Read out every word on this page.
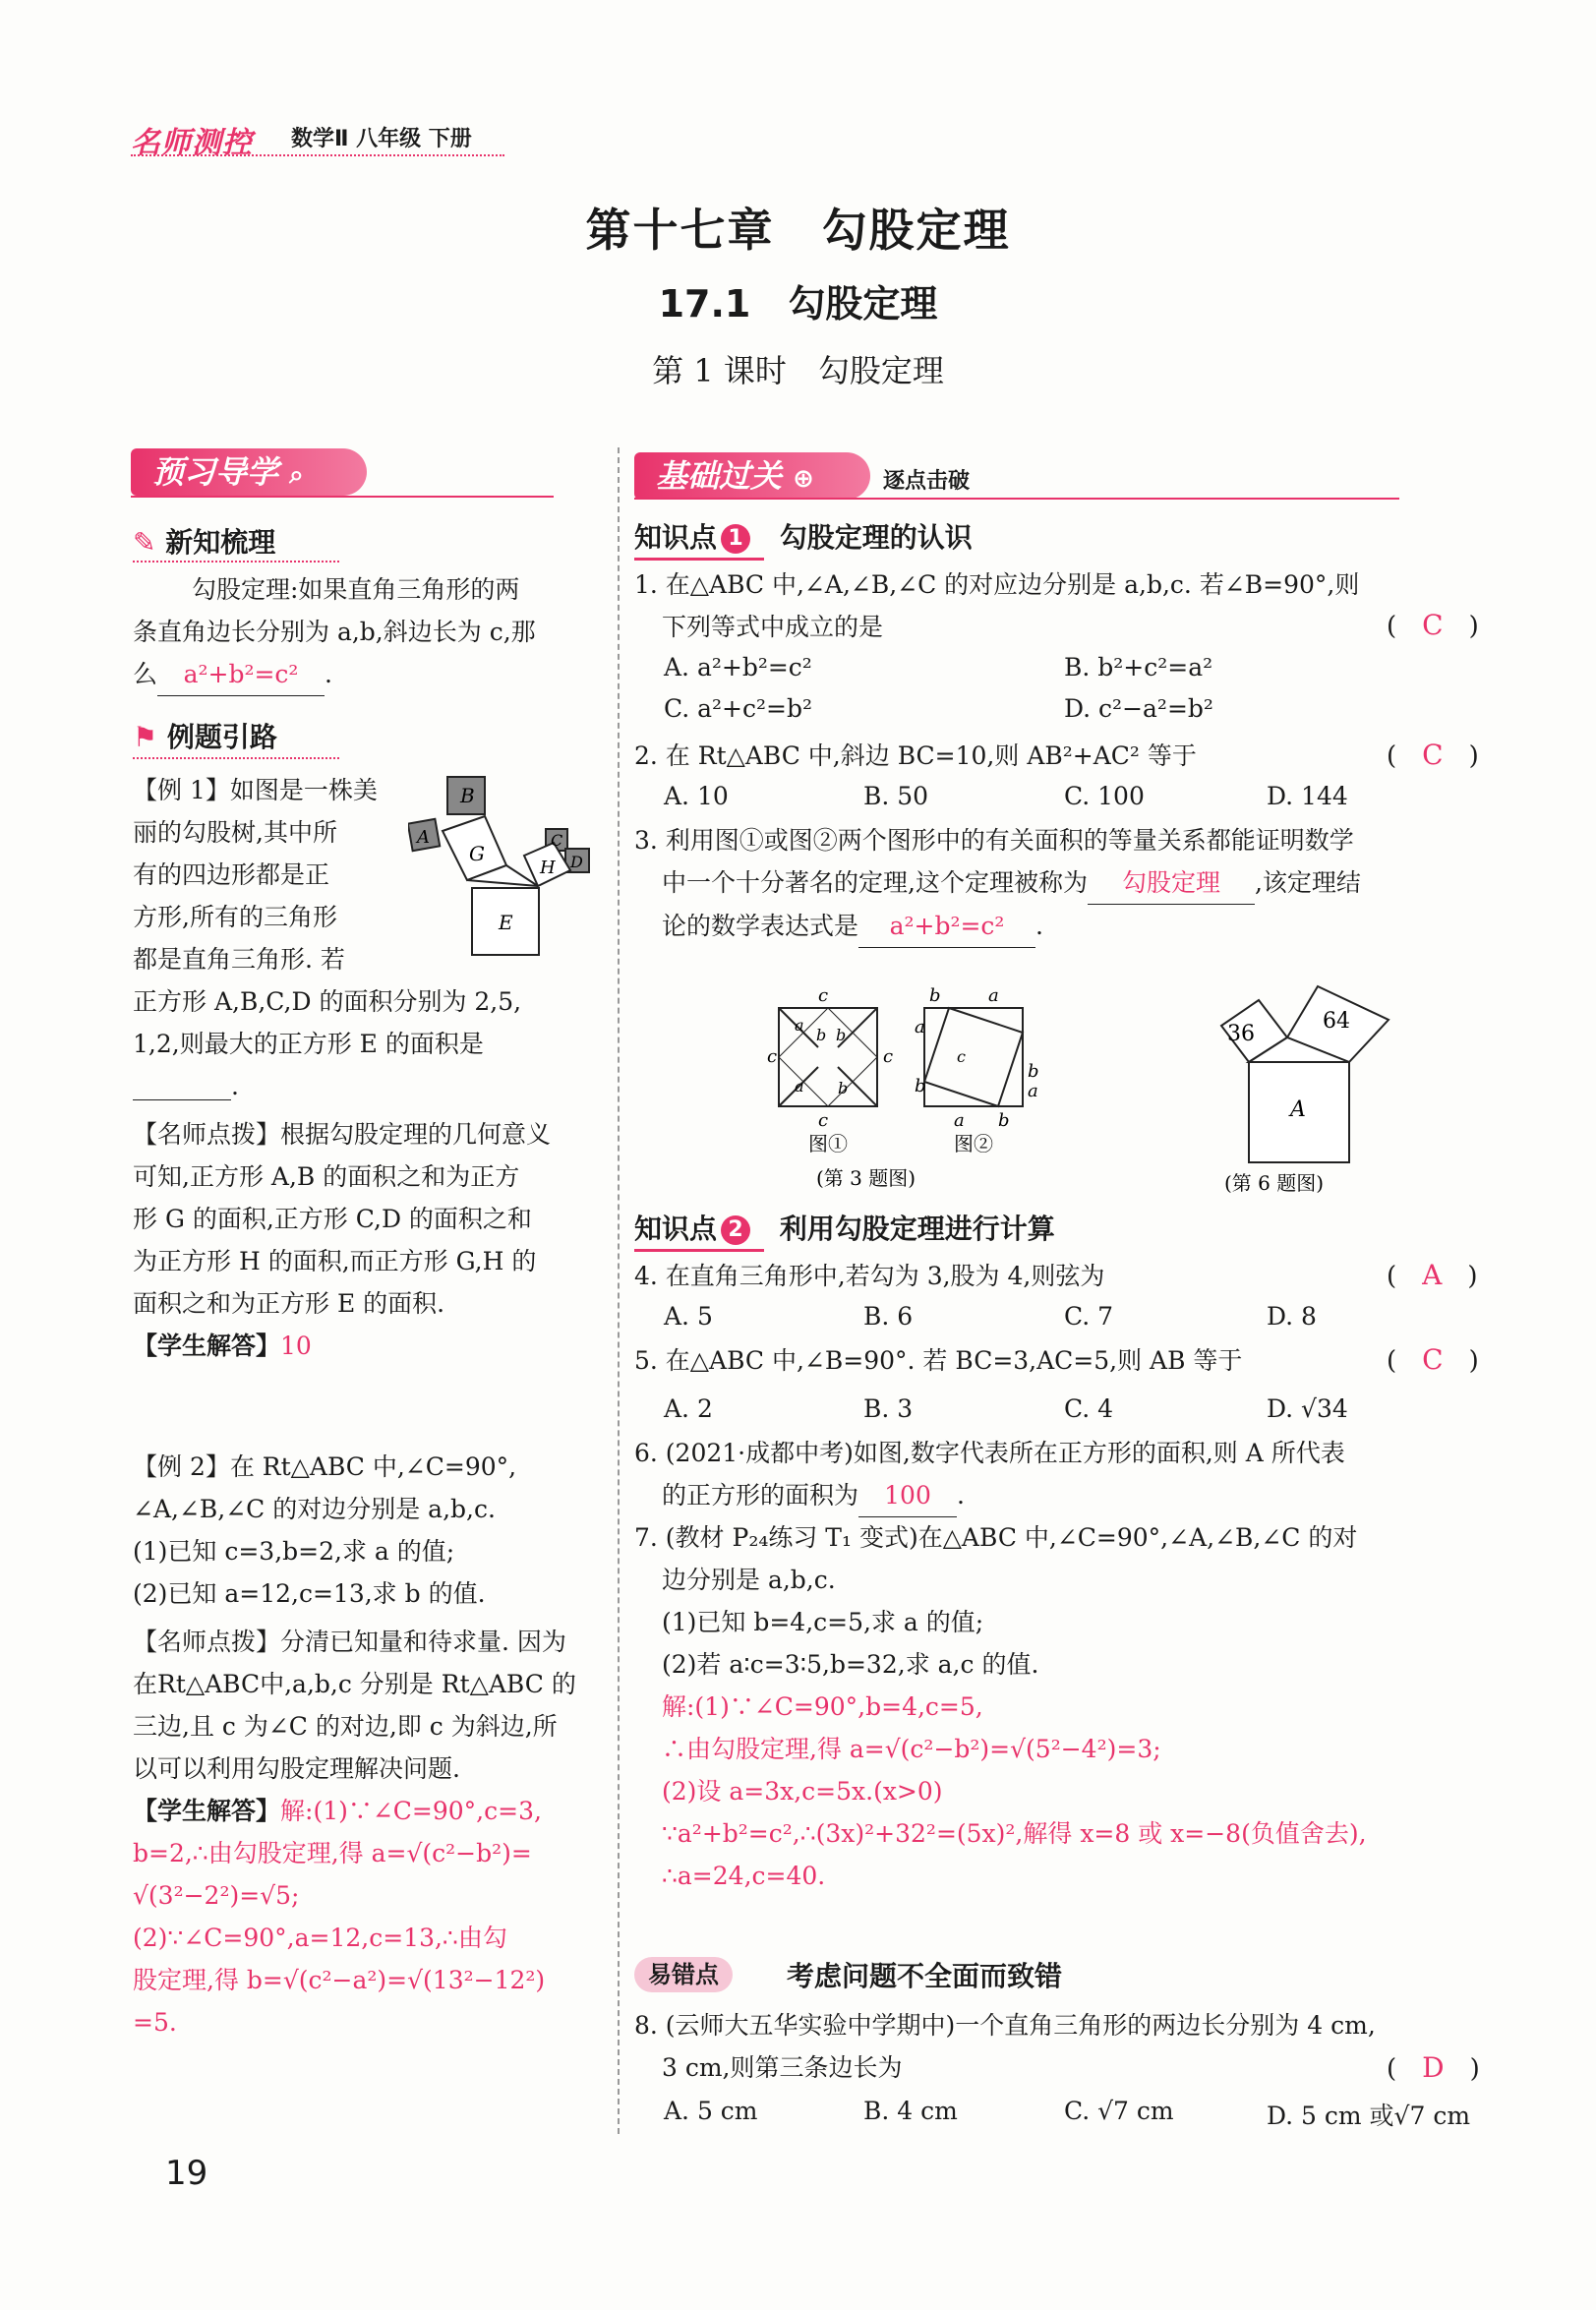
名师测控 数学Ⅱ 八年级 下册
第十七章　勾股定理
17.1　勾股定理
第 1 课时　勾股定理
预习导学 ⌕
✎ 新知梳理
勾股定理:如果直角三角形的两
条直角边长分别为 a,b,斜边长为 c,那
么 a²+b²=c² .
⚑ 例题引路
【例 1】如图是一株美
丽的勾股树,其中所
有的四边形都是正
方形,所有的三角形
都是直角三角形. 若
正方形 A,B,C,D 的面积分别为 2,5,
1,2,则最大的正方形 E 的面积是
________.
【名师点拨】根据勾股定理的几何意义
可知,正方形 A,B 的面积之和为正方
形 G 的面积,正方形 C,D 的面积之和
为正方形 H 的面积,而正方形 G,H 的
面积之和为正方形 E 的面积.
【学生解答】10
B
A
G
C
D
H
E
【例 2】在 Rt△ABC 中,∠C=90°,
∠A,∠B,∠C 的对边分别是 a,b,c.
(1)已知 c=3,b=2,求 a 的值;
(2)已知 a=12,c=13,求 b 的值.
【名师点拨】分清已知量和待求量. 因为
在Rt△ABC中,a,b,c 分别是 Rt△ABC 的
三边,且 c 为∠C 的对边,即 c 为斜边,所
以可以利用勾股定理解决问题.
【学生解答】解:(1)∵∠C=90°,c=3,
b=2,∴由勾股定理,得 a=√(c²−b²)=
√(3²−2²)=√5;
(2)∵∠C=90°,a=12,c=13,∴由勾
股定理,得 b=√(c²−a²)=√(13²−12²)
=5.
基础过关 ⊕	逐点击破
知识点 1 勾股定理的认识
1. 在△ABC 中,∠A,∠B,∠C 的对应边分别是 a,b,c. 若∠B=90°,则
下列等式中成立的是	(　C　)
A. a²+b²=c²	B. b²+c²=a²
C. a²+c²=b²	D. c²−a²=b²
2. 在 Rt△ABC 中,斜边 BC=10,则 AB²+AC² 等于	(　C　)
A. 10	B. 50	C. 100	D. 144
3. 利用图①或图②两个图形中的有关面积的等量关系都能证明数学
中一个十分著名的定理,这个定理被称为 勾股定理 ,该定理结
论的数学表达式是 a²+b²=c² .
c
c	c
c
a
b b
a b
b	a
a
b
b	a
a b
c
图①	图②
(第 3 题图)
36
64
A
(第 6 题图)
知识点 2 利用勾股定理进行计算
4. 在直角三角形中,若勾为 3,股为 4,则弦为	(　A　)
A. 5	B. 6	C. 7	D. 8
5. 在△ABC 中,∠B=90°. 若 BC=3,AC=5,则 AB 等于	(　C　)
A. 2	B. 3	C. 4	D. √34
6. (2021·成都中考)如图,数字代表所在正方形的面积,则 A 所代表
的正方形的面积为 100 .
7. (教材 P₂₄练习 T₁ 变式)在△ABC 中,∠C=90°,∠A,∠B,∠C 的对
边分别是 a,b,c.
(1)已知 b=4,c=5,求 a 的值;
(2)若 a∶c=3∶5,b=32,求 a,c 的值.
解:(1)∵∠C=90°,b=4,c=5,
∴由勾股定理,得 a=√(c²−b²)=√(5²−4²)=3;
(2)设 a=3x,c=5x.(x>0)
∵a²+b²=c²,∴(3x)²+32²=(5x)²,解得 x=8 或 x=−8(负值舍去),
∴a=24,c=40.
易错点	考虑问题不全面而致错
8. (云师大五华实验中学期中)一个直角三角形的两边长分别为 4 cm,
3 cm,则第三条边长为	(　D　)
A. 5 cm	B. 4 cm	C. √7 cm	D. 5 cm 或√7 cm
19
